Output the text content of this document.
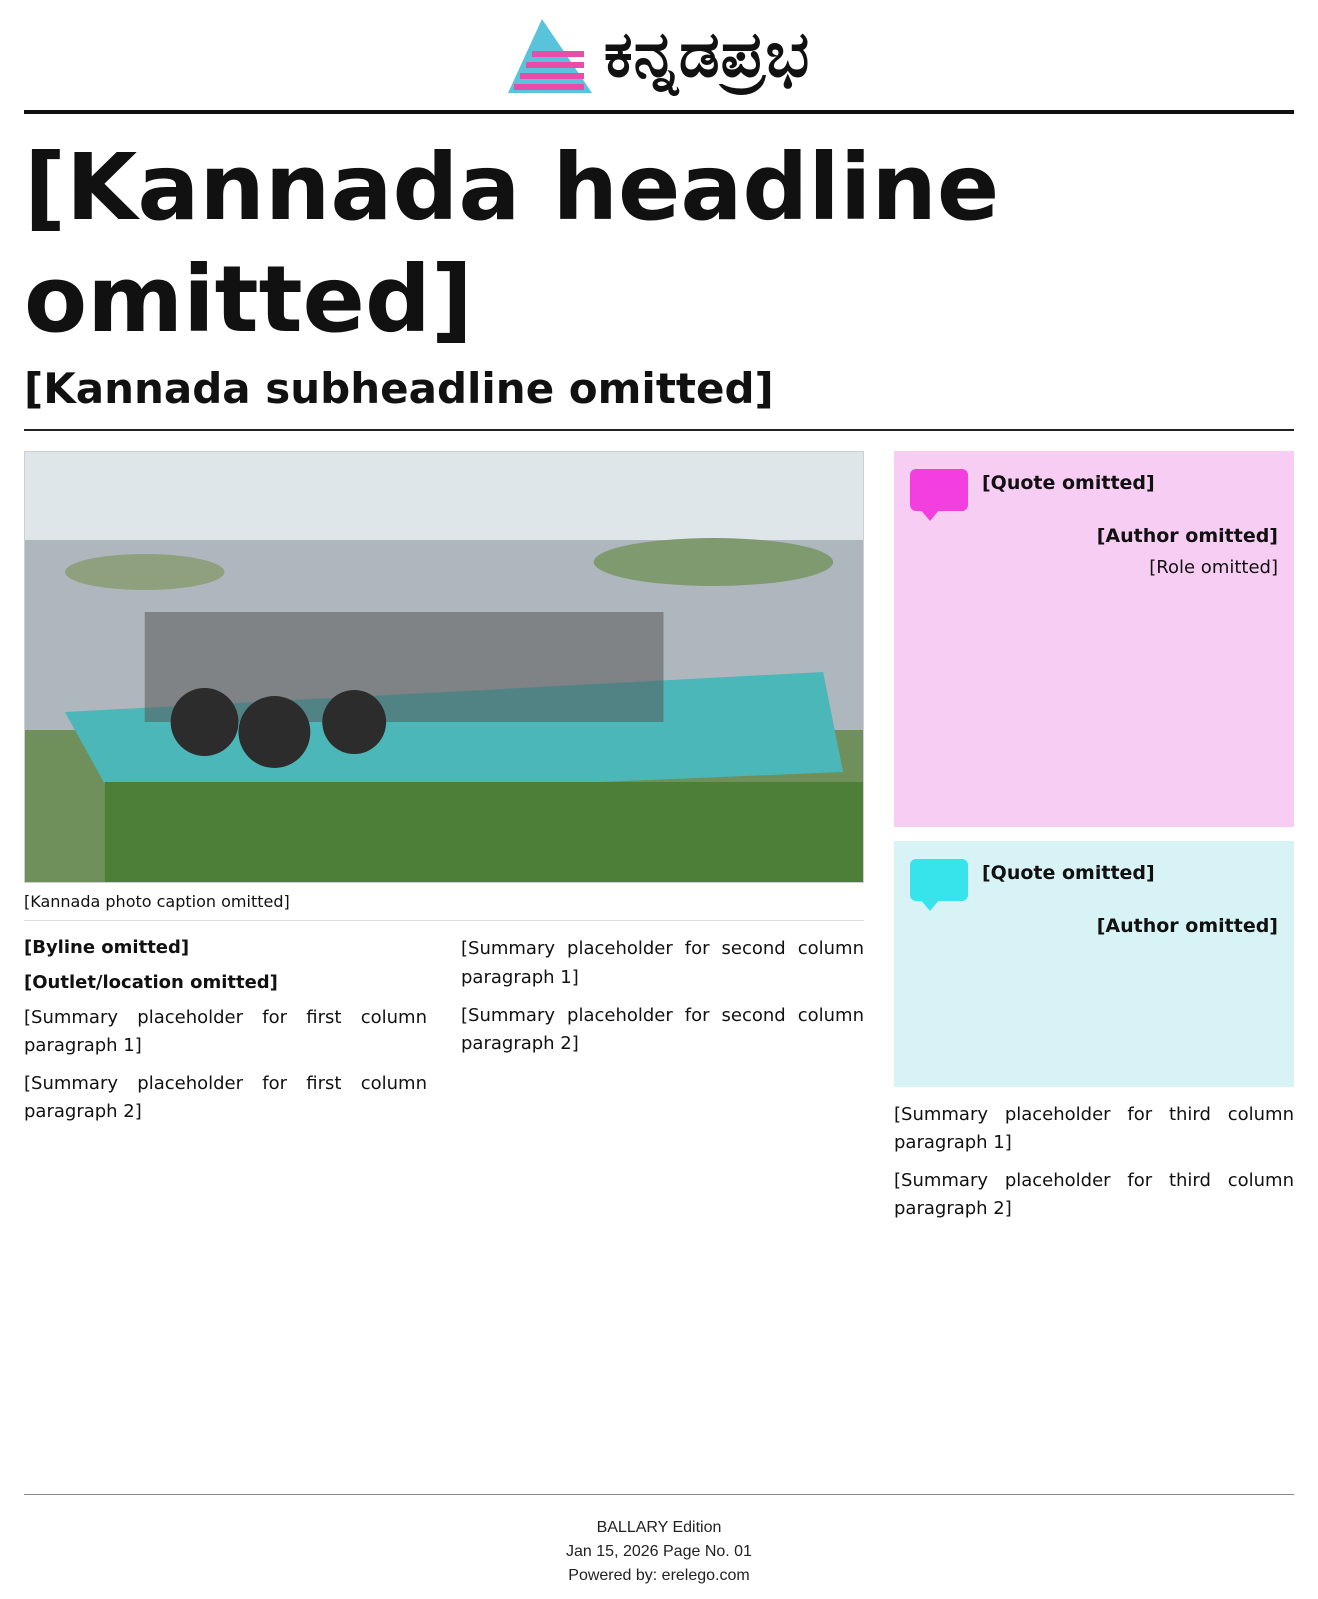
ಕನ್ನಡಪ್ರಭ
[Kannada headline omitted]
[Kannada subheadline omitted]
[Kannada photo caption omitted]
[Byline omitted]
[Outlet/location omitted]

[Summary placeholder for first column paragraph 1]

[Summary placeholder for first column paragraph 2]

[Summary placeholder for second column paragraph 1]

[Summary placeholder for second column paragraph 2]

[Quote omitted]
[Author omitted]
[Role omitted]
[Quote omitted]
[Author omitted]

[Summary placeholder for third column paragraph 1]

[Summary placeholder for third column paragraph 2]

BALLARY Edition
Jan 15, 2026 Page No. 01
Powered by: erelego.com
